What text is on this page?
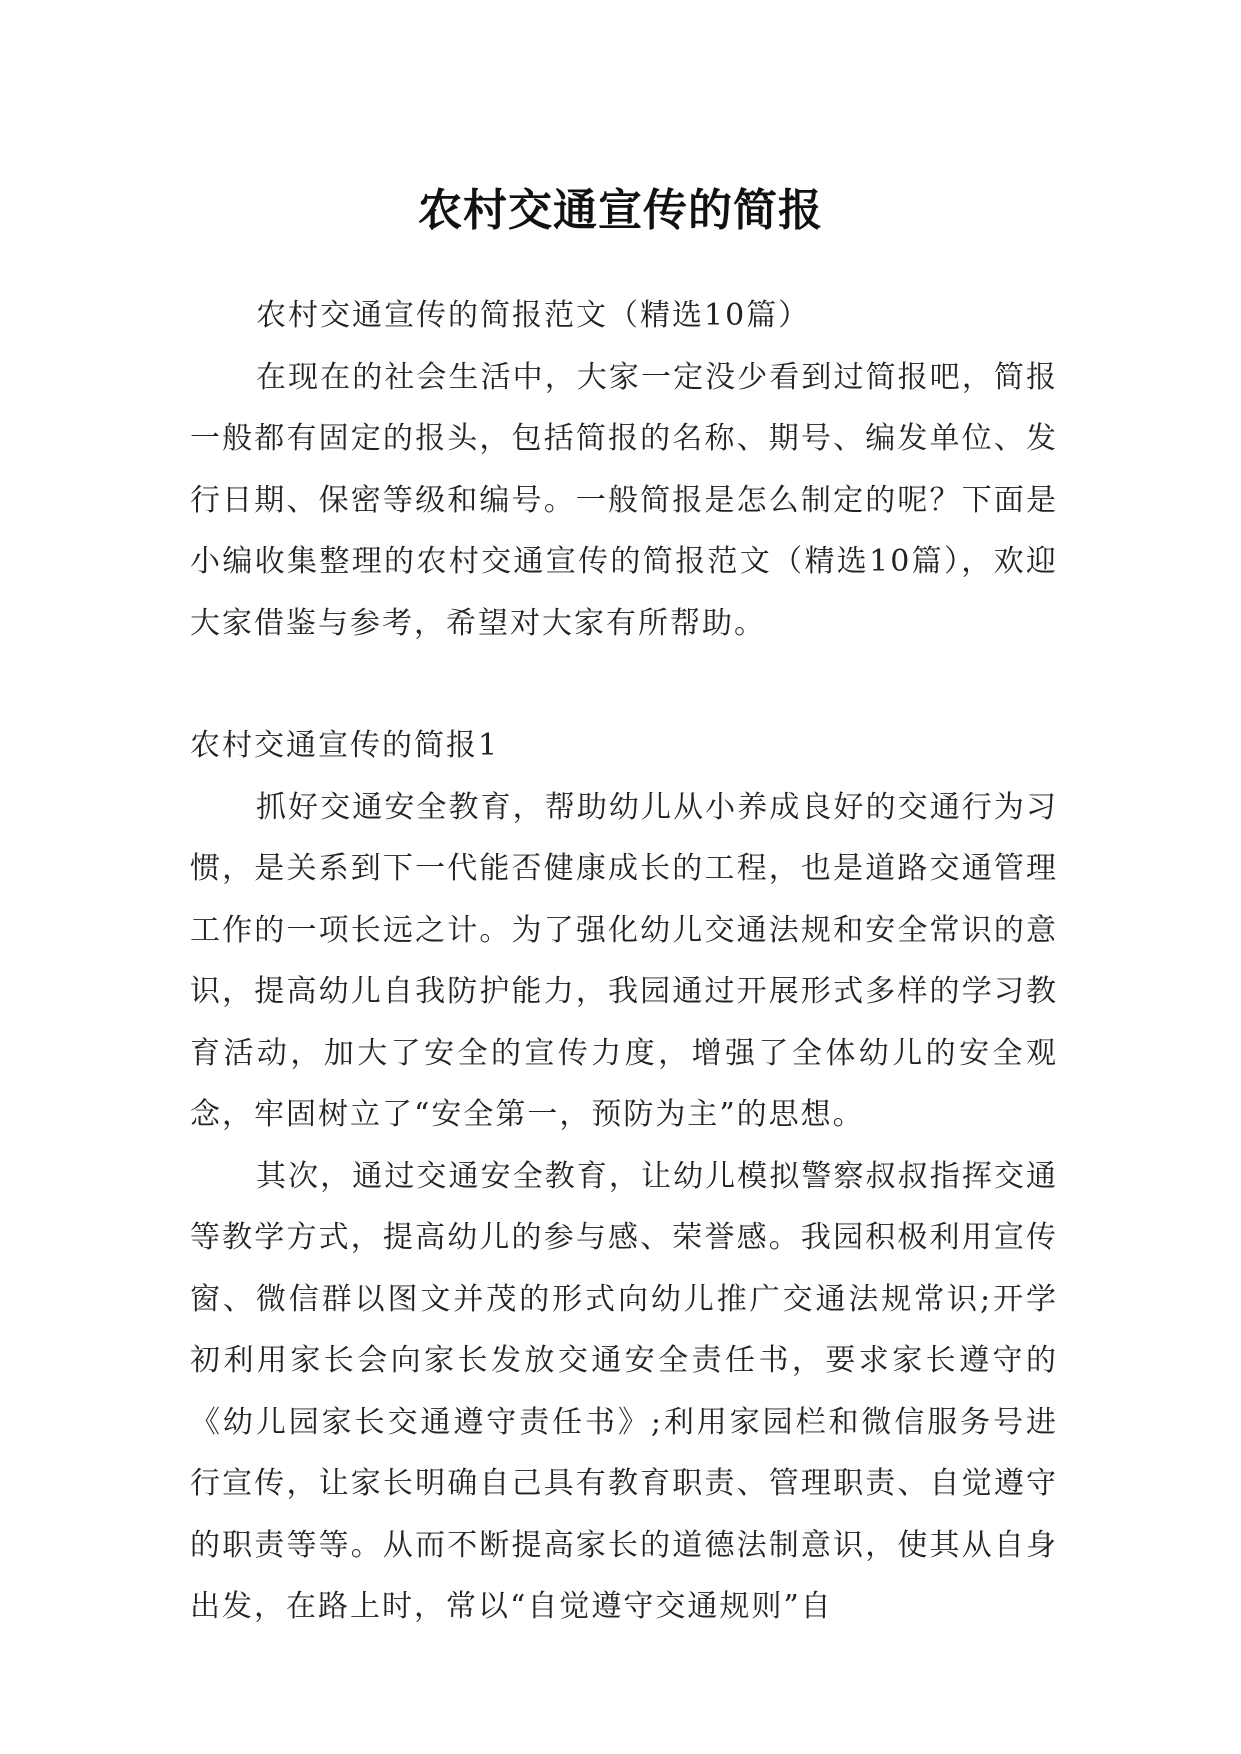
农村交通宣传的简报

农村交通宣传的简报范文（精选10篇）

在现在的社会生活中，大家一定没少看到过简报吧，简报一般都有固定的报头，包括简报的名称、期号、编发单位、发行日期、保密等级和编号。一般简报是怎么制定的呢？下面是小编收集整理的农村交通宣传的简报范文（精选10篇），欢迎大家借鉴与参考，希望对大家有所帮助。

农村交通宣传的简报1

抓好交通安全教育，帮助幼儿从小养成良好的交通行为习惯，是关系到下一代能否健康成长的工程，也是道路交通管理工作的一项长远之计。为了强化幼儿交通法规和安全常识的意识，提高幼儿自我防护能力，我园通过开展形式多样的学习教育活动，加大了安全的宣传力度，增强了全体幼儿的安全观念，牢固树立了“安全第一，预防为主”的思想。

其次，通过交通安全教育，让幼儿模拟警察叔叔指挥交通等教学方式，提高幼儿的参与感、荣誉感。我园积极利用宣传窗、微信群以图文并茂的形式向幼儿推广交通法规常识;开学初利用家长会向家长发放交通安全责任书，要求家长遵守的《幼儿园家长交通遵守责任书》;利用家园栏和微信服务号进行宣传，让家长明确自己具有教育职责、管理职责、自觉遵守的职责等等。从而不断提高家长的道德法制意识，使其从自身出发，在路上时，常以“自觉遵守交通规则”自
